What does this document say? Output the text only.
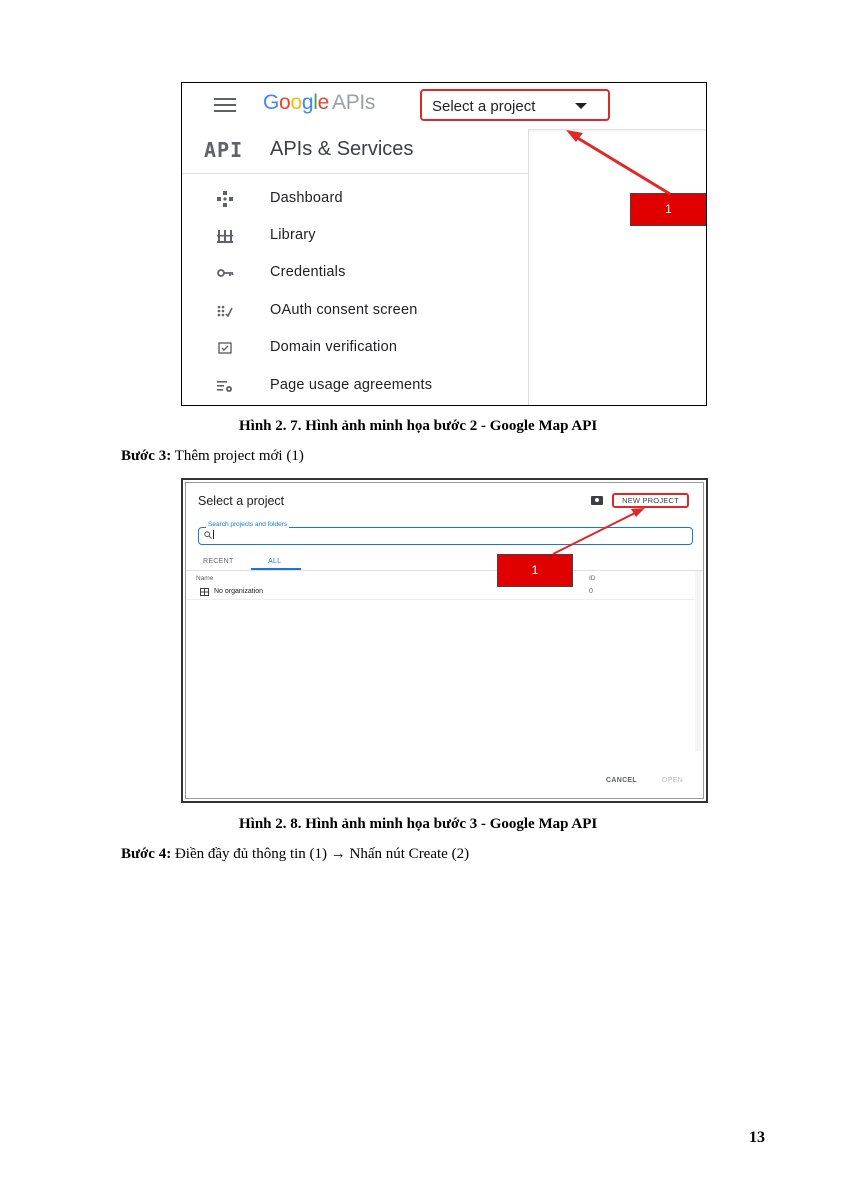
Google APIs	Select a project
API APIs & Services
Dashboard
Library
Credentials
OAuth consent screen
Domain verification
Page usage agreements
1
Hình 2. 7. Hình ảnh minh họa bước 2 - Google Map API
Bước 3: Thêm project mới (1)
Select a project	NEW PROJECT
Search projects and folders
RECENT	ALL
Name	ID
No organization	0
CANCEL	OPEN
1
Hình 2. 8. Hình ảnh minh họa bước 3 - Google Map API
Bước 4: Điền đầy đủ thông tin (1) → Nhấn nút Create (2)
13
